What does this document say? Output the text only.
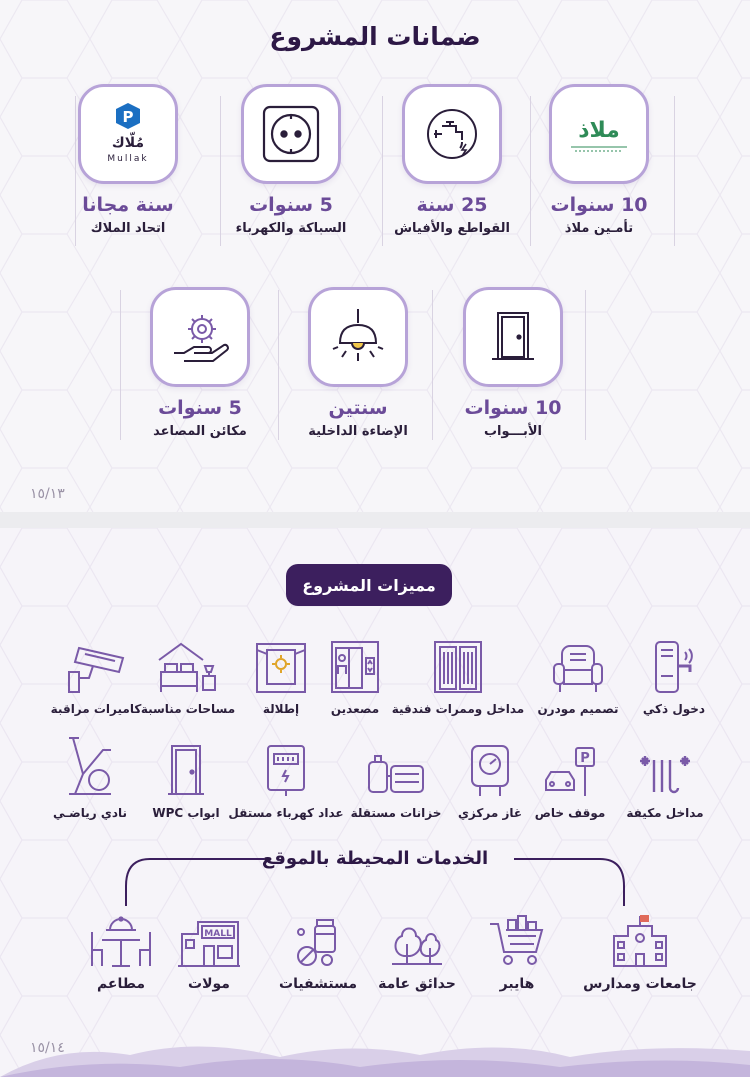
ضمانات المشروع
ملاذ
10 سنوات
تأمـين ملاذ
25 سنة
القواطع والأفياش
5 سنوات
السباكة والكهرباء
P
مُلّاك
Mullak
سنة مجانا
اتحاد الملاك
10 سنوات
الأبـــواب
سنتين
الإضاءة الداخلية
5 سنوات
مكائن المصاعد
١٥/١٣
مميزات المشروع
دخول ذكي
تصميم مودرن
مداخل وممرات فندقية
مصعدين
إطلالة
مساحات مناسبة
كاميرات مراقبة
مداخل مكيفة
P
موقف خاص
غاز مركزي
خزانات مستقلة
عداد كهرباء مستقل
ابواب WPC
نادي رياضـي
الخدمات المحيطة بالموقع
جامعات ومدارس
هايبر
حدائق عامة
مستشفيات
MALL
مولات
مطاعم
١٥/١٤
